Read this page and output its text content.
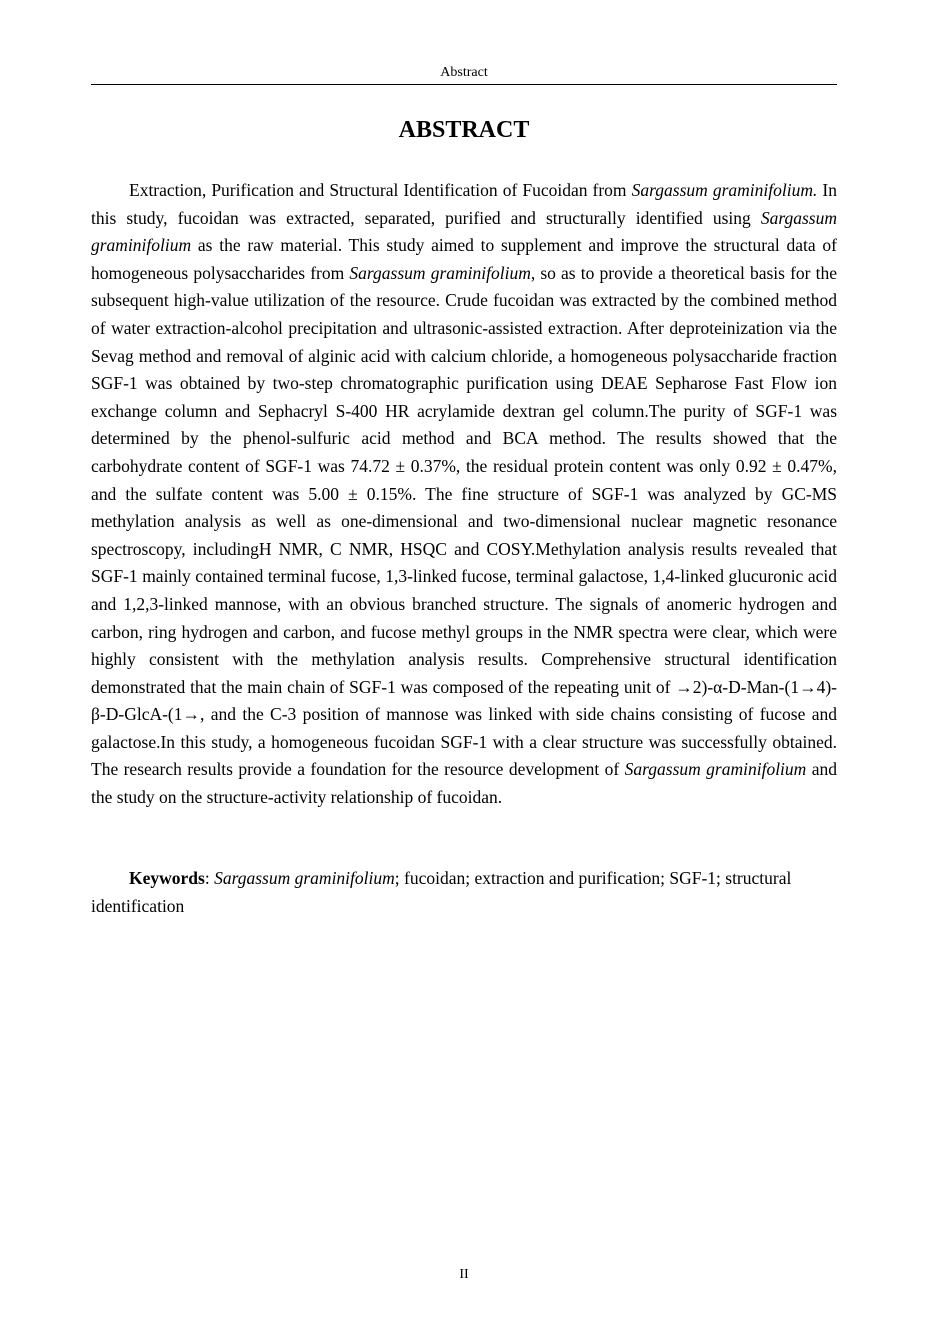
Abstract
ABSTRACT

Extraction, Purification and Structural Identification of Fucoidan from Sargassum graminifolium. In this study, fucoidan was extracted, separated, purified and structurally identified using Sargassum graminifolium as the raw material. This study aimed to supplement and improve the structural data of homogeneous polysaccharides from Sargassum graminifolium, so as to provide a theoretical basis for the subsequent high-value utilization of the resource. Crude fucoidan was extracted by the combined method of water extraction-alcohol precipitation and ultrasonic-assisted extraction. After deproteinization via the Sevag method and removal of alginic acid with calcium chloride, a homogeneous polysaccharide fraction SGF-1 was obtained by two-step chromatographic purification using DEAE Sepharose Fast Flow ion exchange column and Sephacryl S-400 HR acrylamide dextran gel column.The purity of SGF-1 was determined by the phenol-sulfuric acid method and BCA method. The results showed that the carbohydrate content of SGF-1 was 74.72 ± 0.37%, the residual protein content was only 0.92 ± 0.47%, and the sulfate content was 5.00 ± 0.15%. The fine structure of SGF-1 was analyzed by GC-MS methylation analysis as well as one-dimensional and two-dimensional nuclear magnetic resonance spectroscopy, includingH NMR, C NMR, HSQC and COSY.Methylation analysis results revealed that SGF-1 mainly contained terminal fucose, 1,3-linked fucose, terminal galactose, 1,4-linked glucuronic acid and 1,2,3-linked mannose, with an obvious branched structure. The signals of anomeric hydrogen and carbon, ring hydrogen and carbon, and fucose methyl groups in the NMR spectra were clear, which were highly consistent with the methylation analysis results. Comprehensive structural identification demonstrated that the main chain of SGF-1 was composed of the repeating unit of →2)-α-D-Man-(1→4)-β-D-GlcA-(1→, and the C-3 position of mannose was linked with side chains consisting of fucose and galactose.In this study, a homogeneous fucoidan SGF-1 with a clear structure was successfully obtained. The research results provide a foundation for the resource development of Sargassum graminifolium and the study on the structure-activity relationship of fucoidan.

Keywords: Sargassum graminifolium; fucoidan; extraction and purification; SGF-1; structural identification

II
